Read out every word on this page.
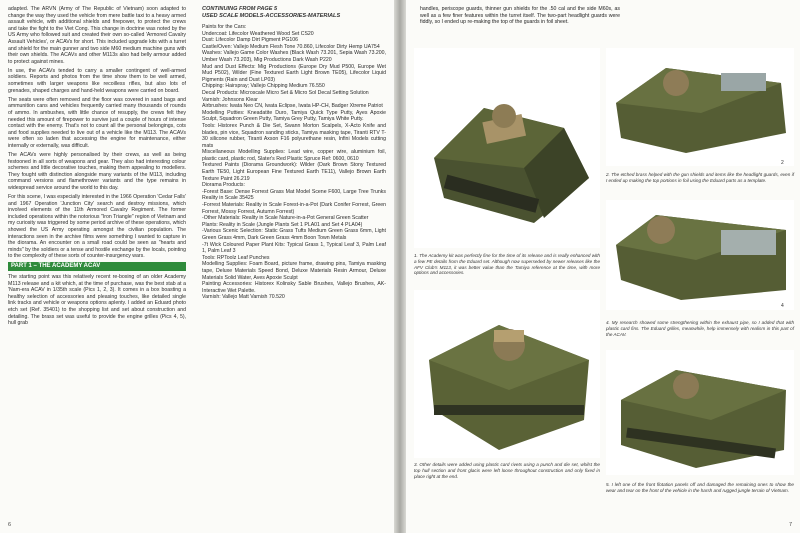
adapted. The ARVN (Army of The Republic of Vietnam) soon adapted to change the way they used the vehicle from mere battle taxi to a heavy armed assault vehicle, with additional shields and firepower, to protect the crews and take the fight to the Viet Cong. This change in doctrine was noted by the US Army who followed suit and created their own so-called 'Armored Cavalry Assault Vehicles', or ACAVs for short. This included upgrade kits with a turret and shield for the main gunner and two side M60 medium machine guns with their own shields. The ACAVs and other M113s also had belly armour added to protect against mines.

In use, the ACAVs tended to carry a smaller contingent of well-armed soldiers. Reports and photos from the time show them to be well armed, sometimes with larger weapons like recoilless rifles, but also lots of grenades, shaped charges and hand-held weapons were carried on board.

The seats were often removed and the floor was covered in sand bags and ammunition cans and vehicles frequently carried many thousands of rounds of ammo. In ambushes, with little chance of resupply, the crews felt they needed this amount of firepower to survive just a couple of hours of intense contact with the enemy. That's not to count all the personal belongings, cots and food supplies needed to live out of a vehicle like the M113. The ACAVs were often so laden that accessing the engine for maintenance, either internally or externally, was difficult.

The ACAVs were highly personalised by their crews, as well as being festooned in all sorts of weapons and gear. They also had interesting colour schemes and little decorative touches, making them appealing to modellers. They fought with distinction alongside many variants of the M113, including command versions and flamethrower variants and the type remains in widespread service around the world to this day.

For this scene, I was especially interested in the 1966 Operation 'Cedar Falls' and 1967 Operation 'Junction City' search and destroy missions, which involved elements of the 11th Armored Cavalry Regiment. The former included operations within the notorious "Iron Triangle" region of Vietnam and my curiosity was triggered by some period archive of these operations, which showed the US Army operating amongst the civilian population. The interactions seen in the archive films were something I wanted to capture in the diorama. An encounter on a small road could be seen as "hearts and minds" by the soldiers or a tense and hostile exchange by the locals, pointing to the complexity of these sorts of counter-insurgency wars.

PART 1 – THE ACADEMY ACAV

The starting point was this relatively recent re-boxing of an older Academy M113 release and a kit which, at the time of purchase, was the best stab at a 'Nam-era ACAV in 1/35th scale (Pics 1, 2, 3). It comes in a box boasting a healthy selection of accessories and pleasing touches, like detailed single link tracks and vehicle or weapons options aplenty. I added an Eduard photo etch set (Ref. 35401) to the shopping list and set about construction and detailing. The brass set was useful to provide the engine grilles (Pics 4, 5), hull grab

CONTINUING FROM PAGE 5
USED SCALE MODELS-ACCESSORIES-MATERIALS

Paints for the Cars:

Undercoat: Lifecolor Weathered Wood Set CS20

Dust: Lifecolor Damp Dirt Pigment PG106

Castle/Oven: Vallejo Medium Flesh Tone 70.860, Lifecolor Dirty Hemp UA754

Washes: Vallejo Game Color Washes (Black Wash 73.201, Sepia Wash 73.200, Umber Wash 73.203), Mig Productions Dark Wash P220

Mud and Dust Effects: Mig Productions (Europe Dry Mud P500, Europe Wet Mud P502), Wilder (Fine Textured Earth Light Brown TE05), Lifecolor Liquid Pigments (Rain and Dust LP03)

Chipping: Hairspray; Vallejo Chipping Medium 76.550

Decal Products: Microscale Micro Set & Micro Sol Decal Setting Solution

Varnish: Johnsons Klear

Airbrushes: Iwata Neo CN, Iwata Eclipse, Iwata HP-CH, Badger Xtreme Patriot

Modelling Putties: Kneadatite Duro, Tamiya Quick Type Putty, Ayes Apoxie Sculpt, Squadron Green Putty, Tamiya Grey Putty, Tamiya White Putty.

Tools: Historex Punch & Die Set, Swann Morton Scalpels, X-Acto Knife and blades, pin vice, Squadron sanding sticks, Tamiya masking tape, Tiranti RTV T-30 silicone rubber, Tiranti Axson F16 polyurethane resin, Infini Models cutting mats

Miscellaneous Modelling Supplies: Lead wire, copper wire, aluminium foil, plastic card, plastic rod, Slater's Red Plastic Spruce Ref: 0600, 0610

Textured Paints (Diorama Groundwork): Wilder (Dark Brown Stony Textured Earth TE50, Light European Fine Textured Earth TE11), Vallejo Brown Earth Texture Paint 26.219

Diorama Products:

-Forest Base: Dense Forrest Grass Mat Model Scene F600, Large Tree Trunks Reality in Scale 35425

-Forrest Materials: Reality in Scale Forest-in-a-Pot (Dark Conifer Forrest, Green Forrest, Mossy Forrest, Autumn Forrest)

-Other Materials: Reality in Scale Nature-in-a-Pot General Green Scatter

Plants: Reality in Scale (Jungle Plants Set 1 PLA01 and Set 4 PLA04)

-Various Scenic Selection: Static Grass Tufts Medium Green Grass 6mm, Light Green Grass 4mm, Dark Green Grass 4mm Boon Town Metals

-7t Wick Coloured Paper Plant Kits: Typical Grass 1, Typical Leaf 3, Palm Leaf 1, Palm Leaf 3

Tools: RPToolz Leaf Punches

Modelling Supplies: Foam Board, picture frame, drawing pins, Tamiya masking tape, Deluxe Materials Speed Bond, Deluxe Materials Resin Armour, Deluxe Materials Solid Water, Aves Apoxie Sculpt

Painting Accessories: Historex Kolinsky Sable Brushes, Vallejo Brushes, AK-Interactive Wet Palette.

Varnish: Vallejo Matt Varnish 70.520

6
handles, periscope guards, thinner gun shields for the .50 cal and the side M60s, as well as a few finer features within the turret itself. The two-part headlight guards were fiddly, so I ended up re-making the top of the guards in foil sheet.
1. The Academy kit was perfectly fine for the time of its release and is really enhanced with a few PE details from the Eduard set. Although now superseded by newer releases like the AFV Club's M113, it was better value than the Tamiya reference at the time, with more options and accessories.
3. Other details were added using plastic card rivets using a punch and die set, whilst the top hull section and front glacis were left loose throughout construction and only fixed in place right at the end.
2
2. The etched brass helped with the gun shields and items like the headlight guards, even if I ended up making the top portions in foil using the Eduard parts as a template.
4
4. My research showed some strengthening within the exhaust pipe, so I added that with plastic card fins. The Eduard grilles, meanwhile, help immensely with realism in this part of the ACAV.
5. I left one of the front flotation panels off and damaged the remaining ones to show the wear and tear on the front of the vehicle in the harsh and rugged jungle terrain of Vietnam.
7
